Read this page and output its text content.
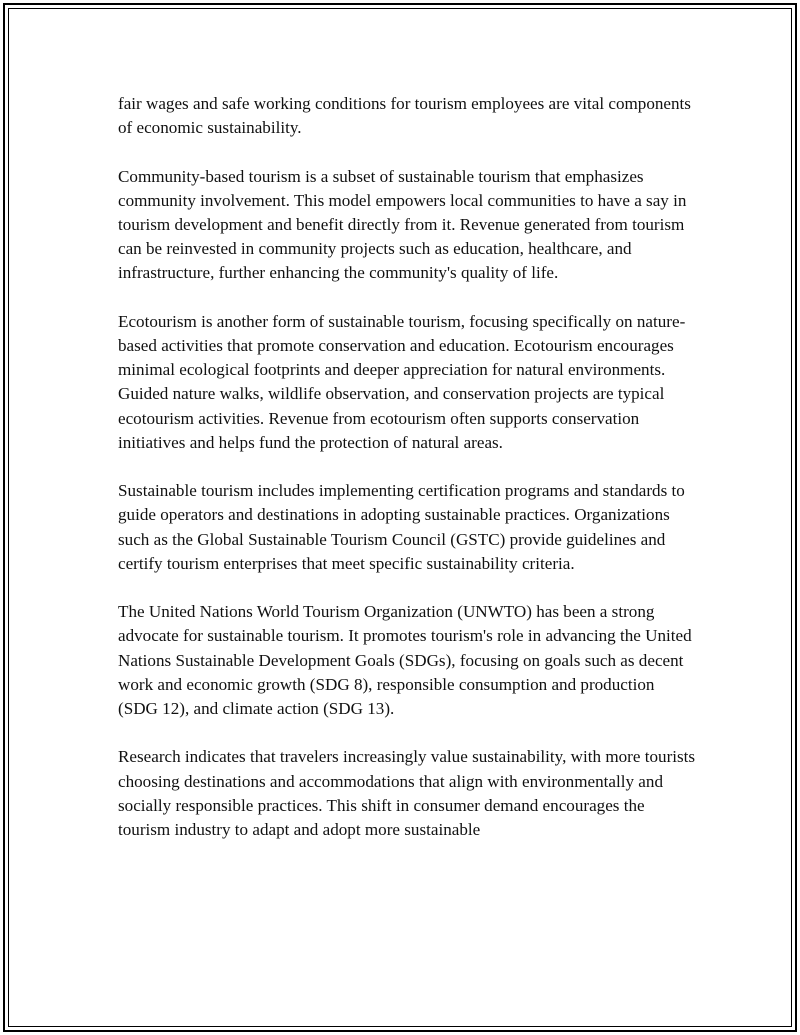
fair wages and safe working conditions for tourism employees are vital components of economic sustainability.

Community-based tourism is a subset of sustainable tourism that emphasizes community involvement. This model empowers local communities to have a say in tourism development and benefit directly from it. Revenue generated from tourism can be reinvested in community projects such as education, healthcare, and infrastructure, further enhancing the community's quality of life.

Ecotourism is another form of sustainable tourism, focusing specifically on nature-based activities that promote conservation and education. Ecotourism encourages minimal ecological footprints and deeper appreciation for natural environments. Guided nature walks, wildlife observation, and conservation projects are typical ecotourism activities. Revenue from ecotourism often supports conservation initiatives and helps fund the protection of natural areas.

Sustainable tourism includes implementing certification programs and standards to guide operators and destinations in adopting sustainable practices. Organizations such as the Global Sustainable Tourism Council (GSTC) provide guidelines and certify tourism enterprises that meet specific sustainability criteria.

The United Nations World Tourism Organization (UNWTO) has been a strong advocate for sustainable tourism. It promotes tourism's role in advancing the United Nations Sustainable Development Goals (SDGs), focusing on goals such as decent work and economic growth (SDG 8), responsible consumption and production (SDG 12), and climate action (SDG 13).

Research indicates that travelers increasingly value sustainability, with more tourists choosing destinations and accommodations that align with environmentally and socially responsible practices. This shift in consumer demand encourages the tourism industry to adapt and adopt more sustainable
